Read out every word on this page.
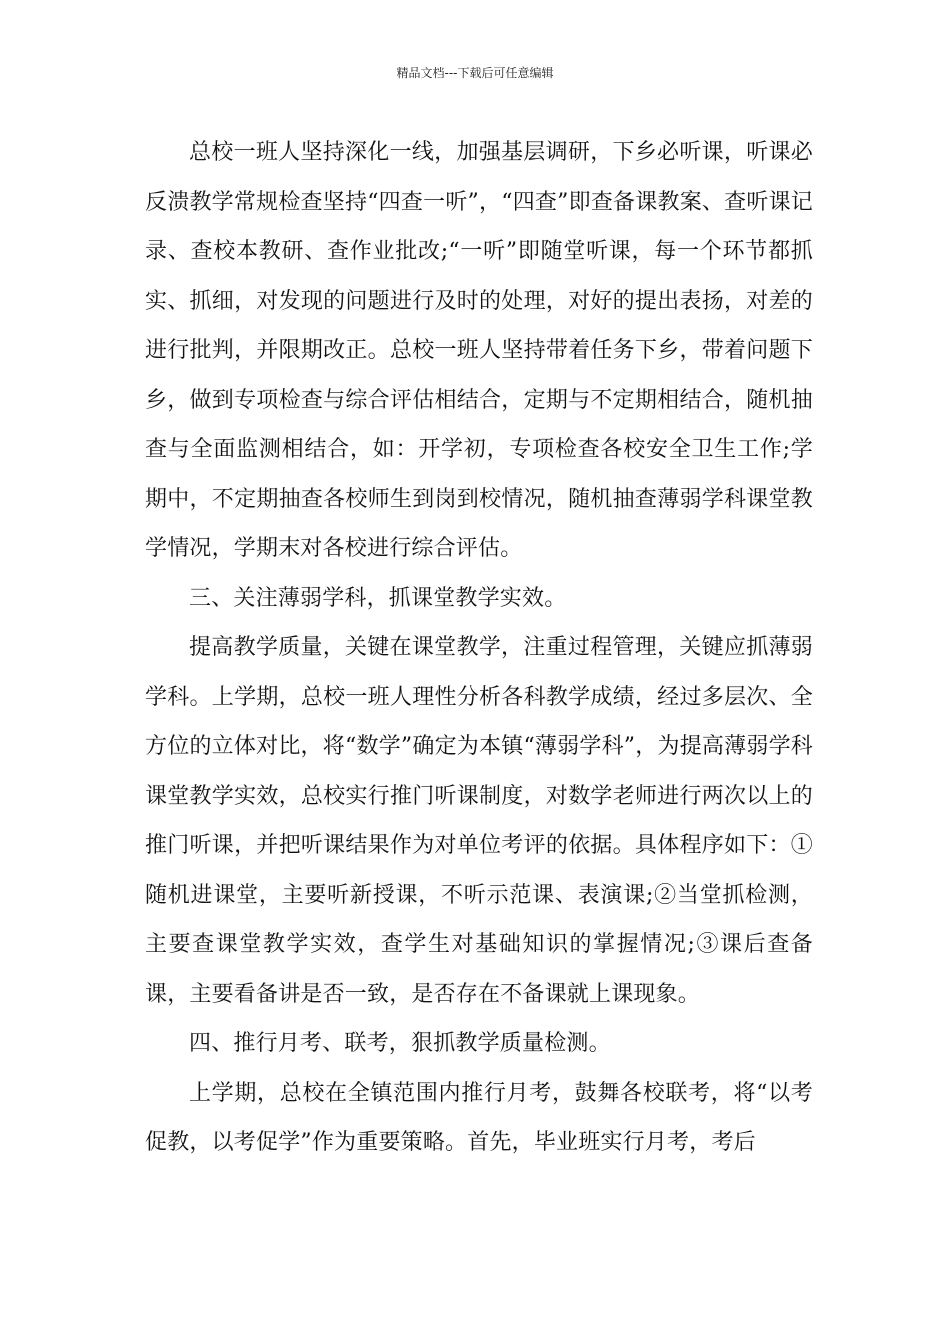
精品文档---下载后可任意编辑

总校一班人坚持深化一线，加强基层调研，下乡必听课，听课必反溃教学常规检查坚持“四查一听”，“四查”即查备课教案、查听课记录、查校本教研、查作业批改;“一听”即随堂听课，每一个环节都抓实、抓细，对发现的问题进行及时的处理，对好的提出表扬，对差的进行批判，并限期改正。总校一班人坚持带着任务下乡，带着问题下乡，做到专项检查与综合评估相结合，定期与不定期相结合，随机抽查与全面监测相结合，如：开学初，专项检查各校安全卫生工作;学期中，不定期抽查各校师生到岗到校情况，随机抽查薄弱学科课堂教学情况，学期末对各校进行综合评估。

三、关注薄弱学科，抓课堂教学实效。

提高教学质量，关键在课堂教学，注重过程管理，关键应抓薄弱学科。上学期，总校一班人理性分析各科教学成绩，经过多层次、全方位的立体对比，将“数学”确定为本镇“薄弱学科”，为提高薄弱学科课堂教学实效，总校实行推门听课制度，对数学老师进行两次以上的推门听课，并把听课结果作为对单位考评的依据。具体程序如下：①随机进课堂，主要听新授课，不听示范课、表演课;②当堂抓检测，主要查课堂教学实效，查学生对基础知识的掌握情况;③课后查备课，主要看备讲是否一致，是否存在不备课就上课现象。

四、推行月考、联考，狠抓教学质量检测。

上学期，总校在全镇范围内推行月考，鼓舞各校联考，将“以考促教，以考促学”作为重要策略。首先，毕业班实行月考，考后
